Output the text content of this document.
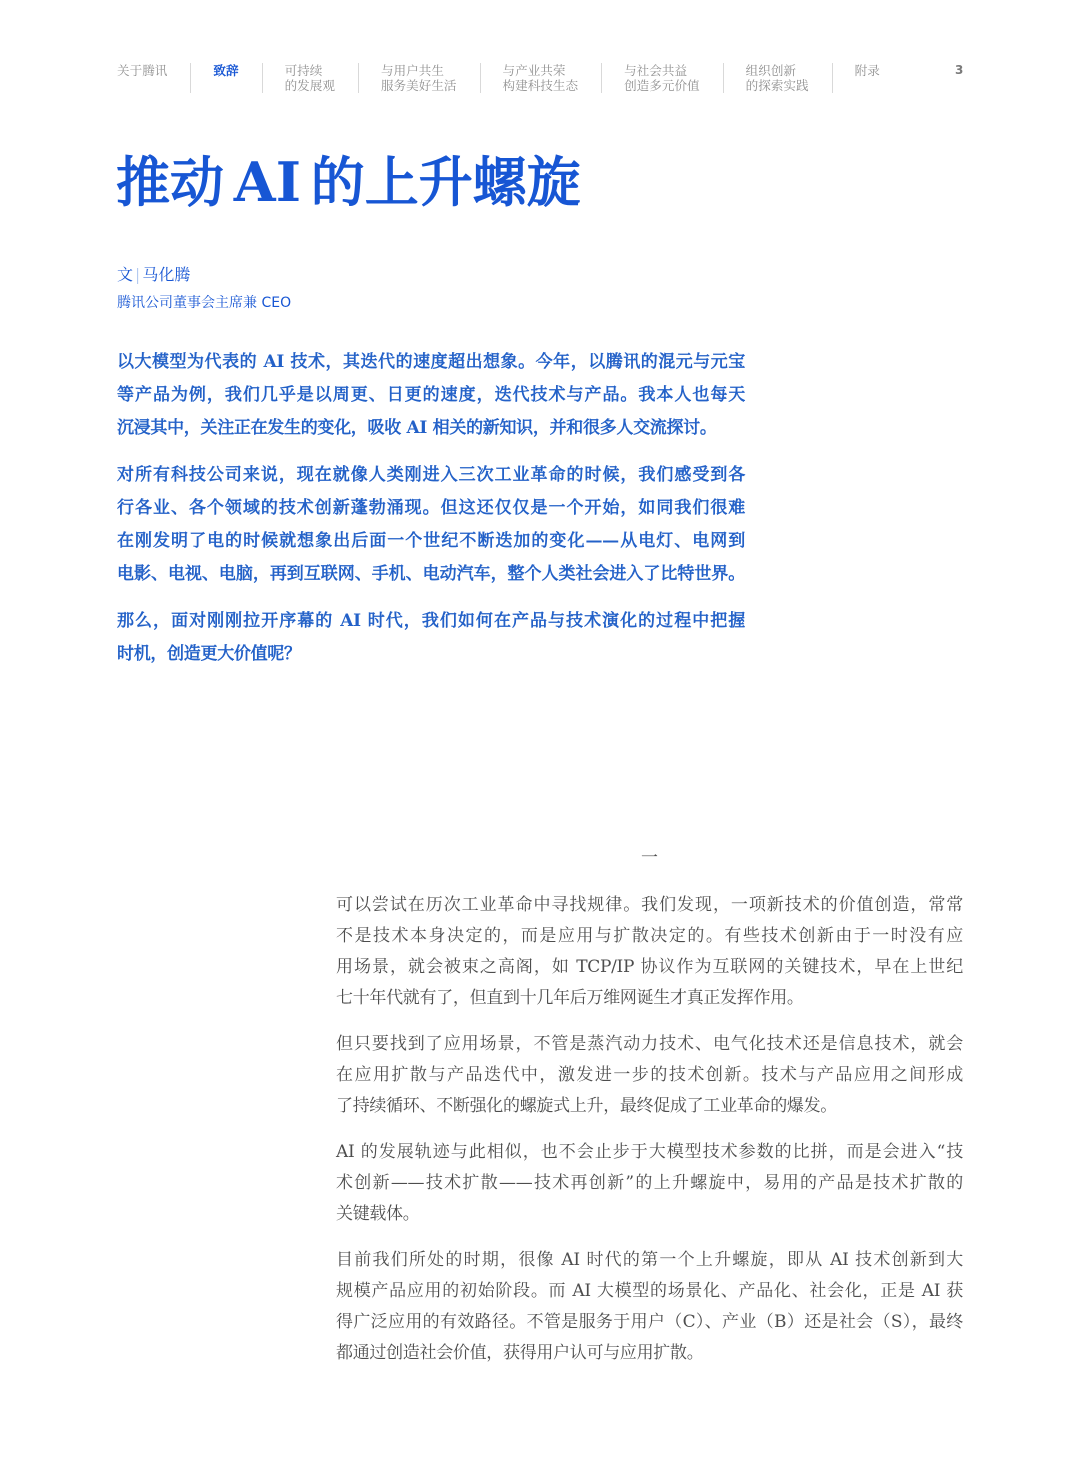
关于腾讯	致辞	可持续
的发展观
与用户共生
服务美好生活
与产业共荣
构建科技生态
与社会共益
创造多元价值
组织创新
的探索实践
附录	3
推动 AI 的上升螺旋
文 | 马化腾
腾讯公司董事会主席兼 CEO
以大模型为代表的 AI 技术，其迭代的速度超出想象。今年，以腾讯的混元与元宝
等产品为例，我们几乎是以周更、日更的速度，迭代技术与产品。我本人也每天
沉浸其中，关注正在发生的变化，吸收 AI 相关的新知识，并和很多人交流探讨。
对所有科技公司来说，现在就像人类刚进入三次工业革命的时候，我们感受到各
行各业、各个领域的技术创新蓬勃涌现。但这还仅仅是一个开始，如同我们很难
在刚发明了电的时候就想象出后面一个世纪不断迭加的变化——从电灯、电网到
电影、电视、电脑，再到互联网、手机、电动汽车，整个人类社会进入了比特世界。
那么，面对刚刚拉开序幕的 AI 时代，我们如何在产品与技术演化的过程中把握
时机，创造更大价值呢？
一
可以尝试在历次工业革命中寻找规律。我们发现，一项新技术的价值创造，常常
不是技术本身决定的，而是应用与扩散决定的。有些技术创新由于一时没有应
用场景，就会被束之高阁，如 TCP/IP 协议作为互联网的关键技术，早在上世纪
七十年代就有了，但直到十几年后万维网诞生才真正发挥作用。
但只要找到了应用场景，不管是蒸汽动力技术、电气化技术还是信息技术，就会
在应用扩散与产品迭代中，激发进一步的技术创新。技术与产品应用之间形成
了持续循环、不断强化的螺旋式上升，最终促成了工业革命的爆发。
AI 的发展轨迹与此相似，也不会止步于大模型技术参数的比拼，而是会进入“技
术创新——技术扩散——技术再创新”的上升螺旋中，易用的产品是技术扩散的
关键载体。
目前我们所处的时期，很像 AI 时代的第一个上升螺旋，即从 AI 技术创新到大
规模产品应用的初始阶段。而 AI 大模型的场景化、产品化、社会化，正是 AI 获
得广泛应用的有效路径。不管是服务于用户（C）、产业（B）还是社会（S），最终
都通过创造社会价值，获得用户认可与应用扩散。
